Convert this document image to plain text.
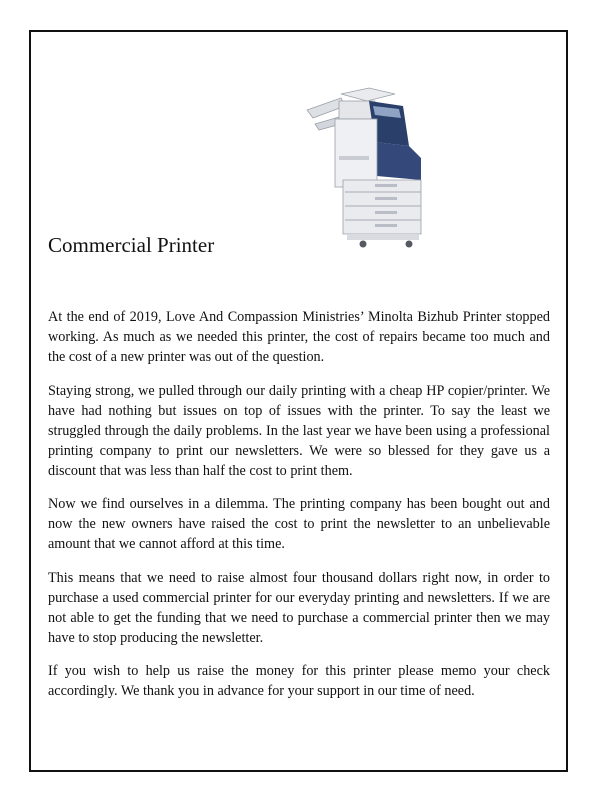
Commercial Printer

At the end of 2019, Love And Compassion Ministries’ Minolta Bizhub Printer stopped working. As much as we needed this printer, the cost of repairs became too much and the cost of a new printer was out of the question.

Staying strong, we pulled through our daily printing with a cheap HP copier/printer. We have had nothing but issues on top of issues with the printer. To say the least we struggled through the daily problems. In the last year we have been using a professional printing company to print our newsletters. We were so blessed for they gave us a discount that was less than half the cost to print them.

Now we find ourselves in a dilemma. The printing company has been bought out and now the new owners have raised the cost to print the newsletter to an unbelievable amount that we cannot afford at this time.

This means that we need to raise almost four thousand dollars right now, in order to purchase a used commercial printer for our everyday printing and newsletters. If we are not able to get the funding that we need to purchase a commercial printer then we may have to stop producing the newsletter.

If you wish to help us raise the money for this printer please memo your check accordingly. We thank you in advance for your support in our time of need.
